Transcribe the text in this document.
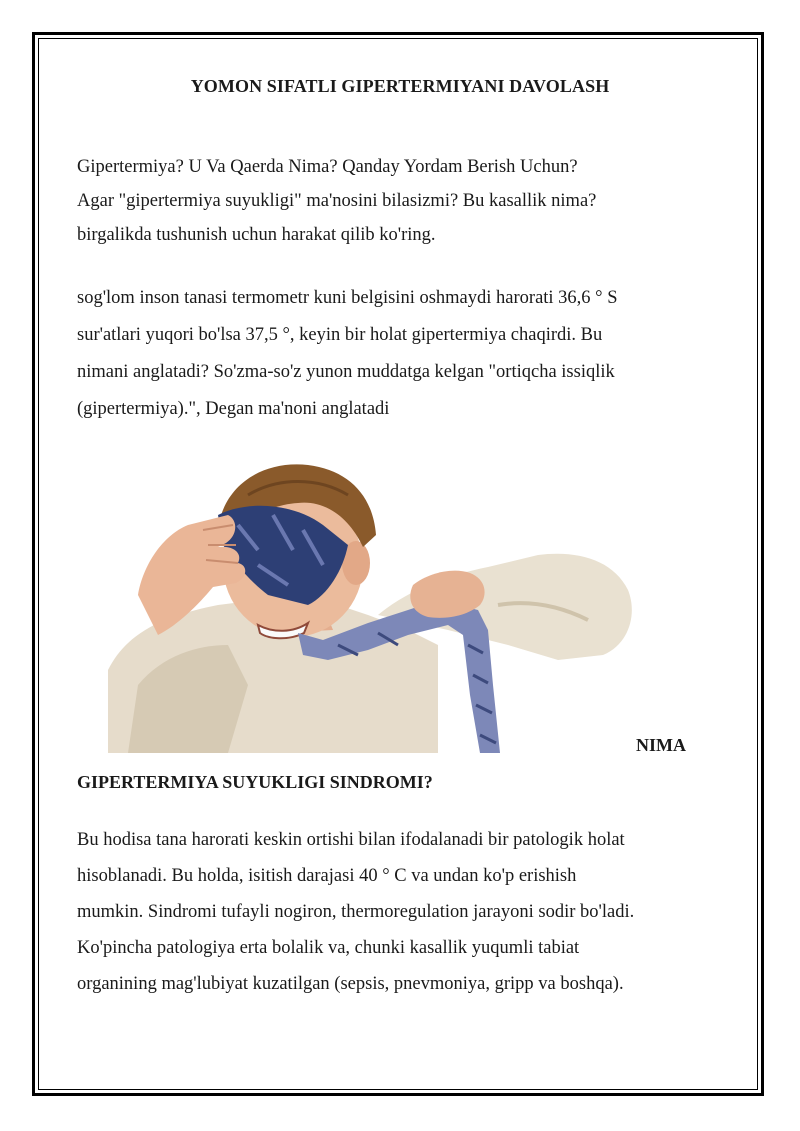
YOMON SIFATLI GIPERTERMIYANI DAVOLASH

Gipertermiya? U Va Qaerda Nima? Qanday Yordam Berish Uchun?
Agar "gipertermiya suyukligi" ma'nosini bilasizmi? Bu kasallik nima?
birgalikda tushunish uchun harakat qilib ko'ring.

sog'lom inson tanasi termometr kuni belgisini oshmaydi harorati 36,6 ° S
sur'atlari yuqori bo'lsa 37,5 °, keyin bir holat gipertermiya chaqirdi. Bu
nimani anglatadi? So'zma-so'z yunon muddatga kelgan "ortiqcha issiqlik
(gipertermiya).", Degan ma'noni anglatadi

NIMA
GIPERTERMIYA SUYUKLIGI SINDROMI?

Bu hodisa tana harorati keskin ortishi bilan ifodalanadi bir patologik holat
hisoblanadi. Bu holda, isitish darajasi 40 ° C va undan ko'p erishish
mumkin. Sindromi tufayli nogiron, thermoregulation jarayoni sodir bo'ladi.
Ko'pincha patologiya erta bolalik va, chunki kasallik yuqumli tabiat
organining mag'lubiyat kuzatilgan (sepsis, pnevmoniya, gripp va boshqa).
